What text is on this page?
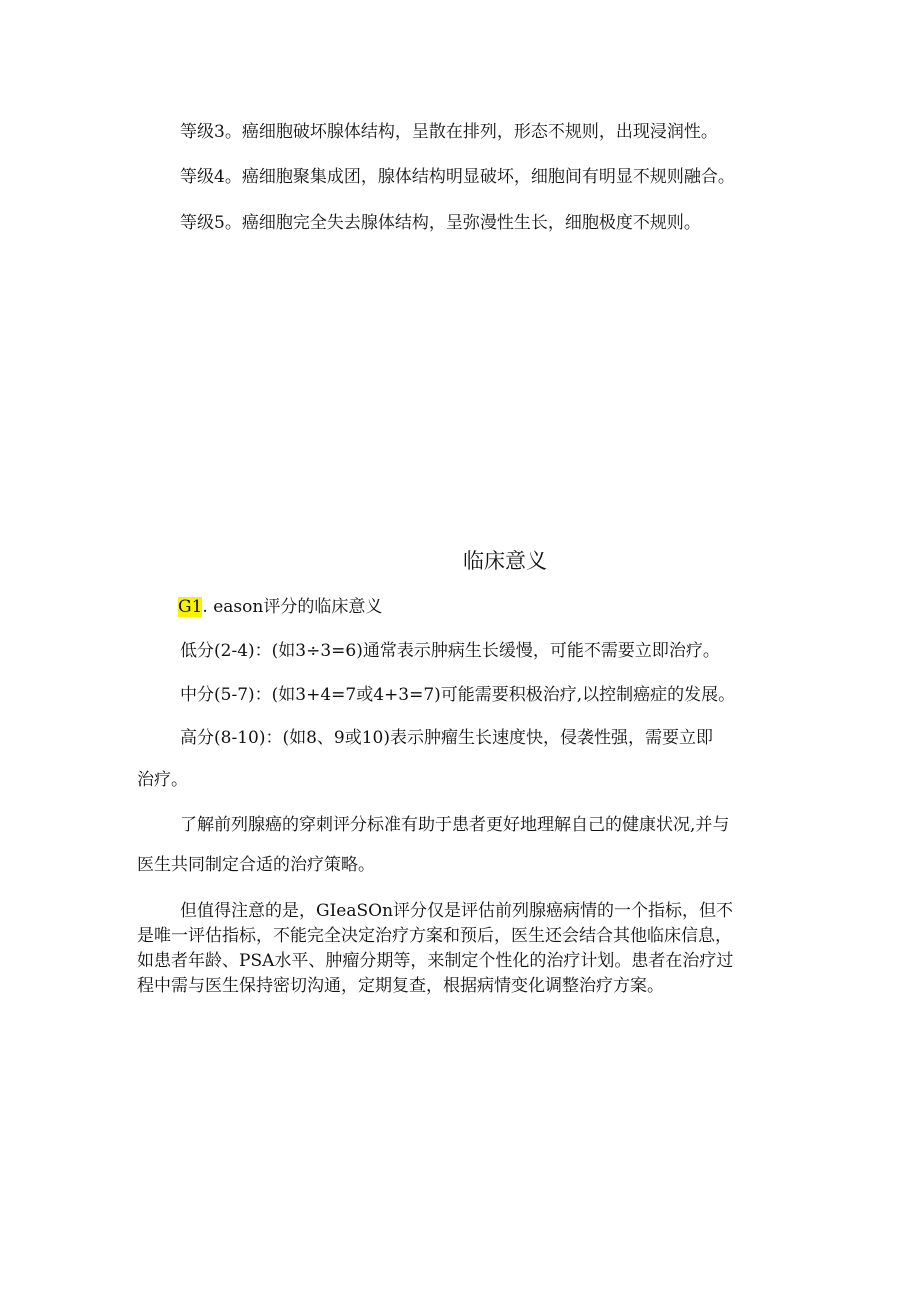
等级3。癌细胞破坏腺体结构，呈散在排列，形态不规则，出现浸润性。
等级4。癌细胞聚集成团，腺体结构明显破坏，细胞间有明显不规则融合。
等级5。癌细胞完全失去腺体结构，呈弥漫性生长，细胞极度不规则。
临床意义
G1. eason评分的临床意义
低分(2-4)：(如3÷3=6)通常表示肿病生长缓慢，可能不需要立即治疗。
中分(5-7)：(如3+4=7或4+3=7)可能需要积极治疗,以控制癌症的发展。
高分(8-10)：(如8、9或10)表示肿瘤生长速度快，侵袭性强，需要立即
治疗。
了解前列腺癌的穿刺评分标准有助于患者更好地理解自己的健康状况,并与
医生共同制定合适的治疗策略。
但值得注意的是，GIeaSOn评分仅是评估前列腺癌病情的一个指标，但不
是唯一评估指标，不能完全决定治疗方案和预后，医生还会结合其他临床信息，
如患者年龄、PSA水平、肿瘤分期等，来制定个性化的治疗计划。患者在治疗过
程中需与医生保持密切沟通，定期复查，根据病情变化调整治疗方案。
